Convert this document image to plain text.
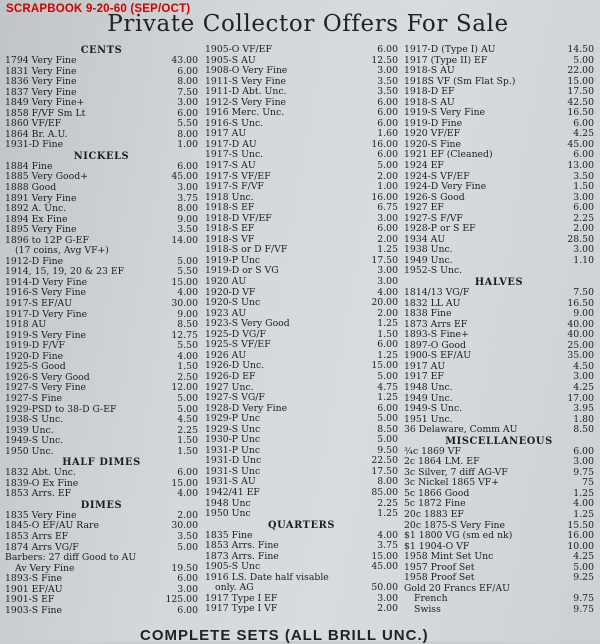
SCRAPBOOK 9-20-60 (SEP/OCT)
Private Collector Offers For Sale
CENTS
1794 Very Fine	43.00
1831 Very Fine	6.00
1836 Very Fine	8.00
1837 Very Fine	7.50
1849 Very Fine+	3.00
1858 F/VF Sm Lt	6.00
1860 VF/EF	5.50
1864 Br. A.U.	8.00
1931-D Fine	1.00
NICKELS
1884 Fine	6.00
1885 Very Good+	45.00
1888 Good	3.00
1891 Very Fine	3.75
1892 A. Unc.	8.00
1894 Ex Fine	9.00
1895 Very Fine	3.50
1896 to 12P G-EF	14.00
(17 coins, Avg VF+)
1912-D Fine	5.00
1914, 15, 19, 20 & 23 EF	5.50
1914-D Very Fine	15.00
1916-S Very Fine	4.00
1917-S EF/AU	30.00
1917-D Very Fine	9.00
1918 AU	8.50
1919-S Very Fine	12.75
1919-D F/VF	5.50
1920-D Fine	4.00
1925-S Good	1.50
1926-S Very Good	2.50
1927-S Very Fine	12.00
1927-S Fine	5.00
1929-PSD to 38-D G-EF	5.00
1938-S Unc.	4.50
1939 Unc.	2.25
1949-S Unc.	1.50
1950 Unc.	1.50
HALF DIMES
1832 Abt. Unc.	6.00
1839-O Ex Fine	15.00
1853 Arrs. EF	4.00
DIMES
1835 Very Fine	2.00
1845-O EF/AU Rare	30.00
1853 Arrs EF	3.50
1874 Arrs VG/F	5.00
Barbers: 27 diff Good to AU
Av Very Fine	19.50
1893-S Fine	6.00
1901 EF/AU	3.00
1901-S EF	125.00
1903-S Fine	6.00
1905-O VF/EF	6.00
1905-S AU	12.50
1908-O Very Fine	3.00
1911-S Very Fine	3.50
1911-D Abt. Unc.	3.50
1912-S Very Fine	6.00
1916 Merc. Unc.	6.00
1916-S Unc.	6.00
1917 AU	1.60
1917-D AU	16.00
1917-S Unc.	6.00
1917-S AU	5.00
1917-S VF/EF	2.00
1917-S F/VF	1.00
1918 Unc.	16.00
1918-S EF	6.75
1918-D VF/EF	3.00
1918-S EF	6.00
1918-S VF	2.00
1918-S or D F/VF	1.25
1919-P Unc	17.50
1919-D or S VG	3.00
1920 AU	3.00
1920-D VF	4.00
1920-S Unc	20.00
1923 AU	2.00
1923-S Very Good	1.25
1925-D VG/F	1.50
1925-S VF/EF	6.00
1926 AU	1.25
1926-D Unc.	15.00
1926-D EF	5.00
1927 Unc.	4.75
1927-S VG/F	1.25
1928-D Very Fine	6.00
1929-P Unc	5.00
1929-S Unc	8.50
1930-P Unc	5.00
1931-P Unc	9.50
1931-D Unc	22.50
1931-S Unc	17.50
1931-S AU	8.00
1942/41 EF	85.00
1948 Unc	2.25
1950 Unc	1.25
QUARTERS
1835 Fine	4.00
1853 Arrs. Fine	3.75
1873 Arrs. Fine	15.00
1905-S Unc	45.00
1916 LS. Date half visable
only. AG	50.00
1917 Type I EF	3.00
1917 Type I VF	2.00
1917-D (Type I) AU	14.50
1917 (Type II) EF	5.00
1918-S AU	22.00
1918S VF (Sm Flat Sp.)	15.00
1918-D EF	17.50
1918-S AU	42.50
1919-S Very Fine	16.50
1919-D Fine	6.00
1920 VF/EF	4.25
1920-S Fine	45.00
1921 EF (Cleaned)	6.00
1924 EF	13.00
1924-S VF/EF	3.50
1924-D Very Fine	1.50
1926-S Good	3.00
1927 EF	6.00
1927-S F/VF	2.25
1928-P or S EF	2.00
1934 AU	28.50
1938 Unc.	3.00
1949 Unc.	1.10
1952-S Unc.
HALVES
1814/13 VG/F	7.50
1832 LL AU	16.50
1838 Fine	9.00
1873 Arrs EF	40.00
1893-S Fine+	40.00
1897-O Good	25.00
1900-S EF/AU	35.00
1917 AU	4.50
1917 EF	3.00
1948 Unc.	4.25
1949 Unc.	17.00
1949-S Unc.	3.95
1951 Unc.	1.80
36 Delaware, Comm AU	8.50
MISCELLANEOUS
¾c 1869 VF	6.00
2c 1864 LM. EF	3.00
3c Silver, 7 diff AG-VF	9.75
3c Nickel 1865 VF+	75
5c 1866 Good	1.25
5c 1872 Fine	4.00
20c 1883 EF	1.25
20c 1875-S Very Fine	15.50
$1 1800 VG (sm ed nk)	16.00
$1 1904-O VF	10.00
1958 Mint Set Unc	4.25
1957 Proof Set	5.00
1958 Proof Set	9.25
Gold 20 Francs EF/AU
French	9.75
Swiss	9.75
COMPLETE SETS (ALL BRILL UNC.)
